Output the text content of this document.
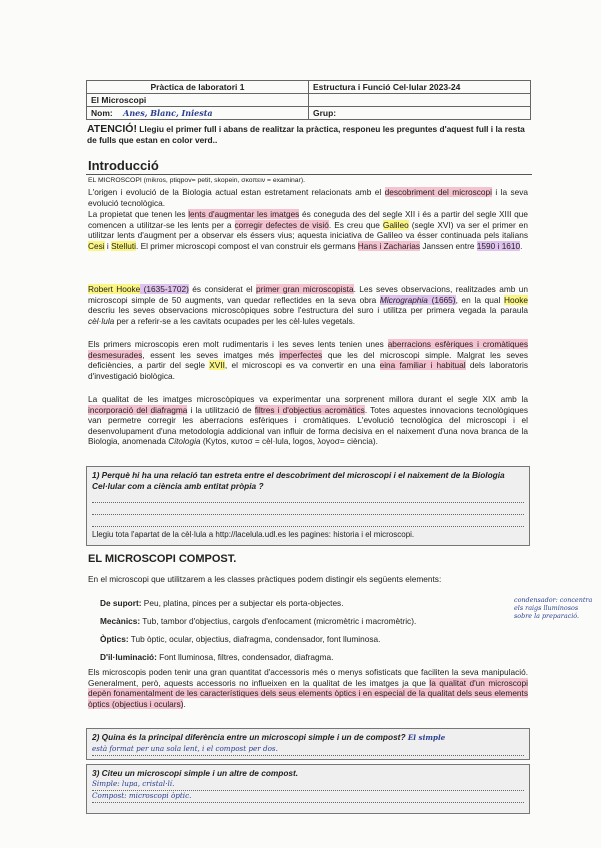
Pràctica de laboratori 1	Estructura i Funció Cel·lular 2023-24
El Microscopi	
Nom: Anes, Blanc, Iniesta	Grup:
ATENCIÓ! Llegiu el primer full i abans de realitzar la pràctica, responeu les preguntes d'aquest full i la resta de fulls que estan en color verd..
Introducció
EL MICROSCOPI (mikros, ptiqpov= petit, skopein, σκοπειν = examinar).
L'origen i evolució de la Biologia actual estan estretament relacionats amb el descobriment del microscopi i la seva evolució tecnològica.
La propietat que tenen les lents d'augmentar les imatges és coneguda des del segle XII i és a partir del segle XIII que comencen a utilitzar-se les lents per a corregir defectes de visió. Es creu que Galileo (segle XVI) va ser el primer en utilitzar lents d'augment per a observar els éssers vius; aquesta iniciativa de Galileo va ésser continuada pels italians Cesi i Stelluti. El primer microscopi compost el van construir els germans Hans i Zacharias Janssen entre 1590 i 1610.
Robert Hooke (1635-1702) és considerat el primer gran microscopista. Les seves observacions, realitzades amb un microscopi simple de 50 augments, van quedar reflectides en la seva obra Micrographia (1665), en la qual Hooke descriu les seves observacions microscòpiques sobre l'estructura del suro i utilitza per primera vegada la paraula cèl·lula per a referir-se a les cavitats ocupades per les cèl·lules vegetals.
Els primers microscopis eren molt rudimentaris i les seves lents tenien unes aberracions esfèriques i cromàtiques desmesurades, essent les seves imatges més imperfectes que les del microscopi simple. Malgrat les seves deficiències, a partir del segle XVII, el microscopi es va convertir en una eina familiar i habitual dels laboratoris d'investigació biològica.
La qualitat de les imatges microscòpiques va experimentar una sorprenent millora durant el segle XIX amb la incorporació del diafragma i la utilització de filtres i d'objectius acromàtics. Totes aquestes innovacions tecnològiques van permetre corregir les aberracions esfèriques i cromàtiques. L'evolució tecnològica del microscopi i el desenvolupament d'una metodologia addicional van influir de forma decisiva en el naixement d'una nova branca de la Biologia, anomenada Citologia (Kytos, κυτοσ = cèl·lula, logos, λογοσ= ciència).
1) Perquè hi ha una relació tan estreta entre el descobriment del microscopi i el naixement de la Biologia Cel·lular com a ciència amb entitat pròpia ?
Llegiu tota l'apartat de la cèl·lula a http://lacelula.udl.es les pagines: historia i el microscopi.
EL MICROSCOPI COMPOST.
En el microscopi que utilitzarem a les classes pràctiques podem distingir els següents elements:
De suport: Peu, platina, pinces per a subjectar els porta-objectes.
Mecànics: Tub, tambor d'objectius, cargols d'enfocament (micromètric i macromètric).
Òptics: Tub òptic, ocular, objectius, diafragma, condensador, font lluminosa.
D'il·luminació: Font lluminosa, filtres, condensador, diafragma.
condensador: concentra els raigs lluminosos sobre la preparació.
Els microscopis poden tenir una gran quantitat d'accessoris més o menys sofisticats que faciliten la seva manipulació. Generalment, però, aquests accessoris no influeixen en la qualitat de les imatges ja que la qualitat d'un microscopi depèn fonamentalment de les característiques dels seus elements òptics i en especial de la qualitat dels seus elements òptics (objectius i oculars).
2) Quina és la principal diferència entre un microscopi simple i un de compost? El simple
està format per una sola lent, i el compost per dos.
3) Citeu un microscopi simple i un altre de compost.
Simple: lupa, cristal·lí.
Compost: microscopi òptic.
